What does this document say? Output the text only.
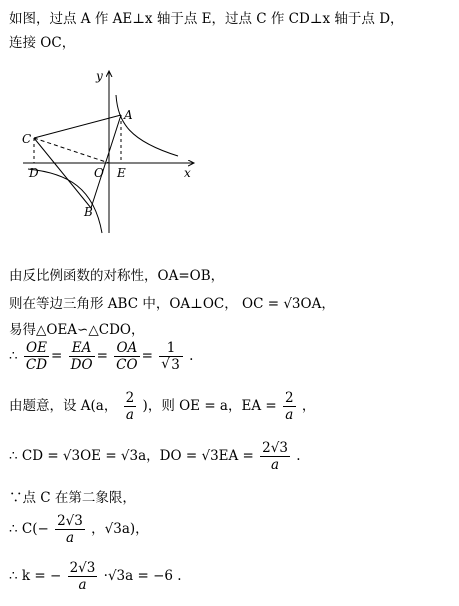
如图，过点 A 作 AE⊥x 轴于点 E，过点 C 作 CD⊥x 轴于点 D，
连接 OC，
y
x
A
C
D	O E
B
由反比例函数的对称性，OA=OB，
则在等边三角形 ABC 中，OA⊥OC， OC = √3OA，
易得△OEA∽△CDO，
∴ $\frac{OE}{CD} = \frac{EA}{DO} = \frac{OA}{CO} = 1$
√ 3 .
由题意，设 A(a， $\frac{2}{a}$ )，则 OE = a，EA = $\frac{2}{a}$ ，
∴ CD = √3OE = √3a，DO = $√3EA = \frac{2√3}{a}$ .
∵点 C 在第二象限，
∴ $C(- \frac{2√3}{a}$ ，√3a)，
∴ k = − $\frac{2√3}{a} \cdot√3a = -6$ .
